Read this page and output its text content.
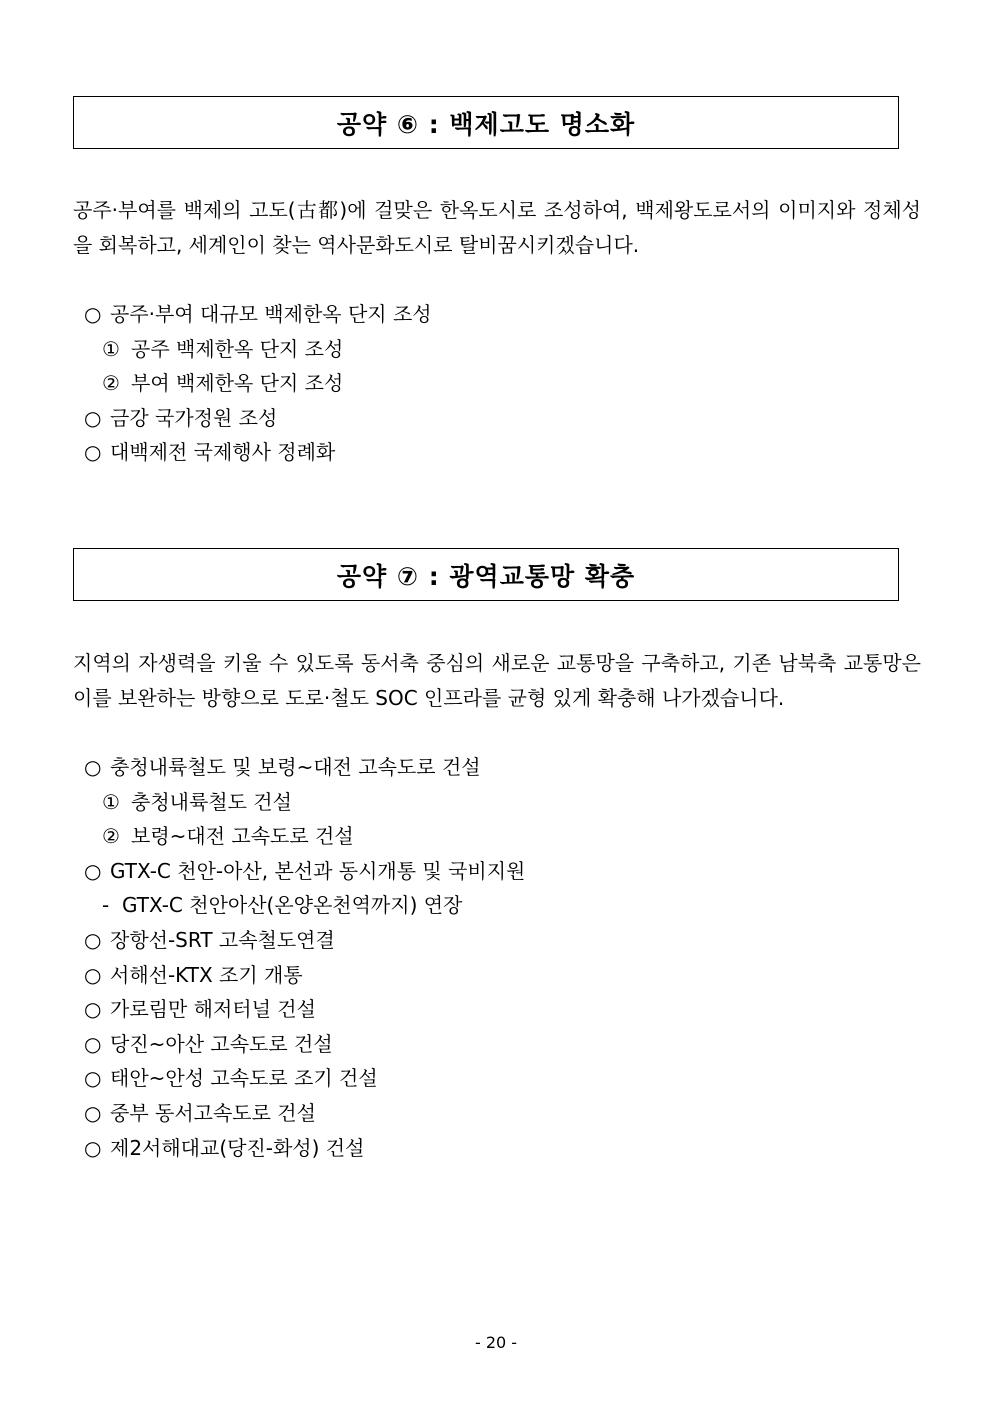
공약 ⑥ : 백제고도 명소화

공주·부여를 백제의 고도(古都)에 걸맞은 한옥도시로 조성하여, 백제왕도로서의 이미지와 정체성을 회복하고, 세계인이 찾는 역사문화도시로 탈비꿈시키겠습니다.

○ 공주·부여 대규모 백제한옥 단지 조성
① 공주 백제한옥 단지 조성
② 부여 백제한옥 단지 조성
○ 금강 국가정원 조성
○ 대백제전 국제행사 정례화
공약 ⑦ : 광역교통망 확충

지역의 자생력을 키울 수 있도록 동서축 중심의 새로운 교통망을 구축하고, 기존 남북축 교통망은 이를 보완하는 방향으로 도로·철도 SOC 인프라를 균형 있게 확충해 나가겠습니다.

○ 충청내륙철도 및 보령~대전 고속도로 건설
① 충청내륙철도 건설
② 보령~대전 고속도로 건설
○ GTX-C 천안-아산, 본선과 동시개통 및 국비지원
- GTX-C 천안아산(온양온천역까지) 연장
○ 장항선-SRT 고속철도연결
○ 서해선-KTX 조기 개통
○ 가로림만 해저터널 건설
○ 당진~아산 고속도로 건설
○ 태안~안성 고속도로 조기 건설
○ 중부 동서고속도로 건설
○ 제2서해대교(당진-화성) 건설
- 20 -
